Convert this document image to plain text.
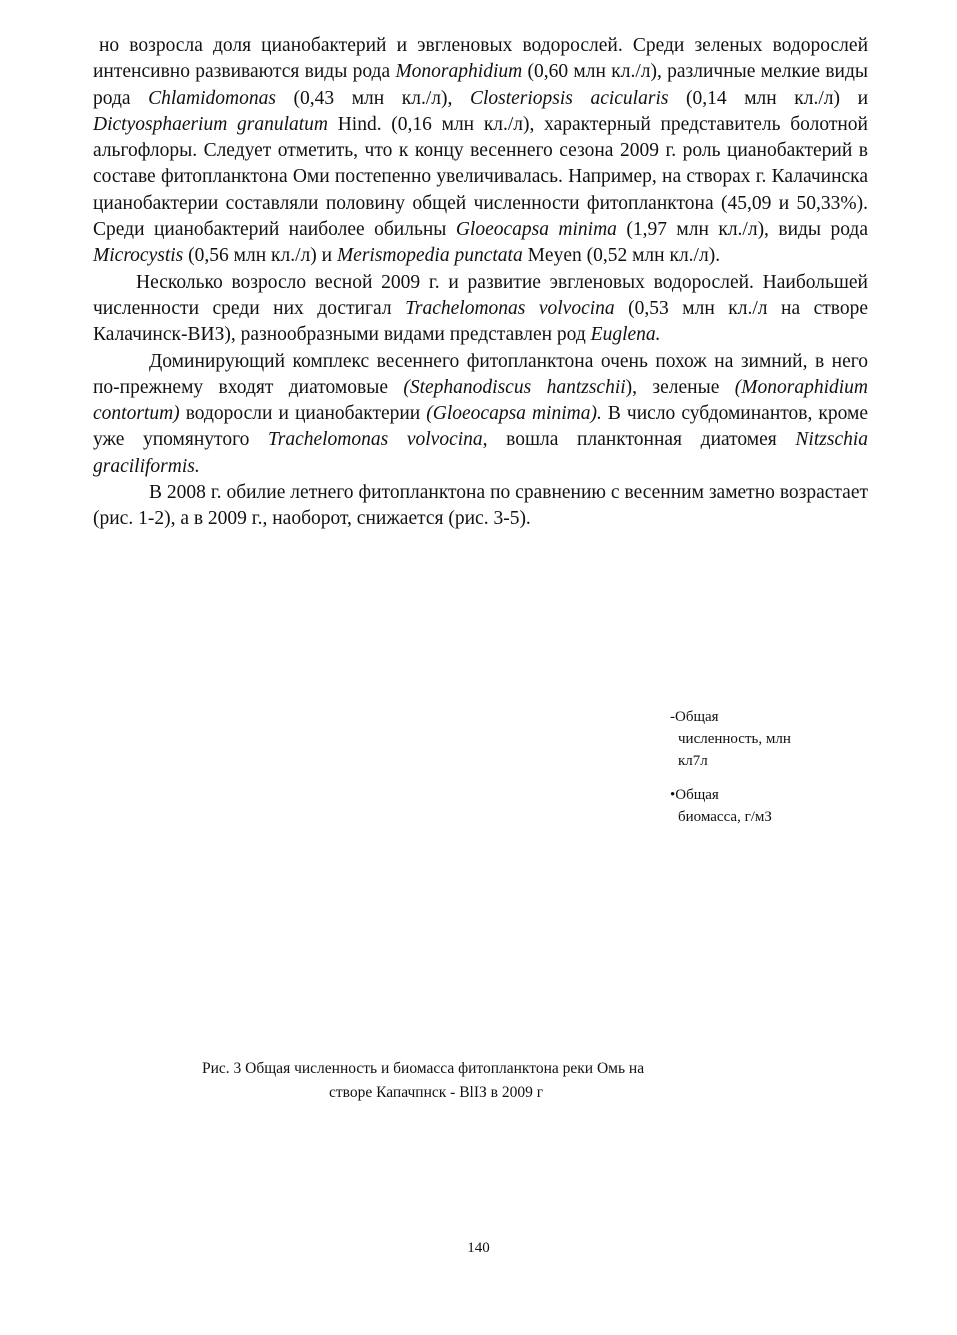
но возросла доля цианобактерий и эвгленовых водорослей. Среди зеленых водорослей интенсивно развиваются виды рода Monoraphidium (0,60 млн кл./л), различные мелкие виды рода Chlamidomonas (0,43 млн кл./л), Closteriopsis acicularis (0,14 млн кл./л) и Dictyosphaerium granulatum Hind. (0,16 млн кл./л), характерный представитель болотной альгофлоры. Следует отметить, что к концу весеннего сезона 2009 г. роль цианобактерий в составе фитопланктона Оми постепенно увеличивалась. Например, на створах г. Калачинска цианобактерии составляли половину общей численности фитопланктона (45,09 и 50,33%). Среди цианобактерий наиболее обильны Gloeocapsa minima (1,97 млн кл./л), виды рода Microcystis (0,56 млн кл./л) и Merismopedia punctata Meyen (0,52 млн кл./л).

Несколько возросло весной 2009 г. и развитие эвгленовых водорослей. Наибольшей численности среди них достигал Trachelomonas volvocina (0,53 млн кл./л на створе Калачинск-ВИЗ), разнообразными видами представлен род Euglena.

Доминирующий комплекс весеннего фитопланктона очень похож на зимний, в него по-прежнему входят диатомовые (Stephanodiscus hantzschii), зеленые (Monoraphidium contortum) водоросли и цианобактерии (Gloeocapsa minima). В число субдоминантов, кроме уже упомянутого Trachelomonas volvocina, вошла планктонная диатомея Nitzschia graciliformis.

В 2008 г. обилие летнего фитопланктона по сравнению с весенним заметно возрастает (рис. 1-2), а в 2009 г., наоборот, снижается (рис. 3-5).

-Общая
численность, млн
кл7л
•Общая
биомасса, г/мЗ
Рис. 3 Общая численность и биомасса фитопланктона реки Омь на
створе Капачпнск - ВlIЗ в 2009 г
140
